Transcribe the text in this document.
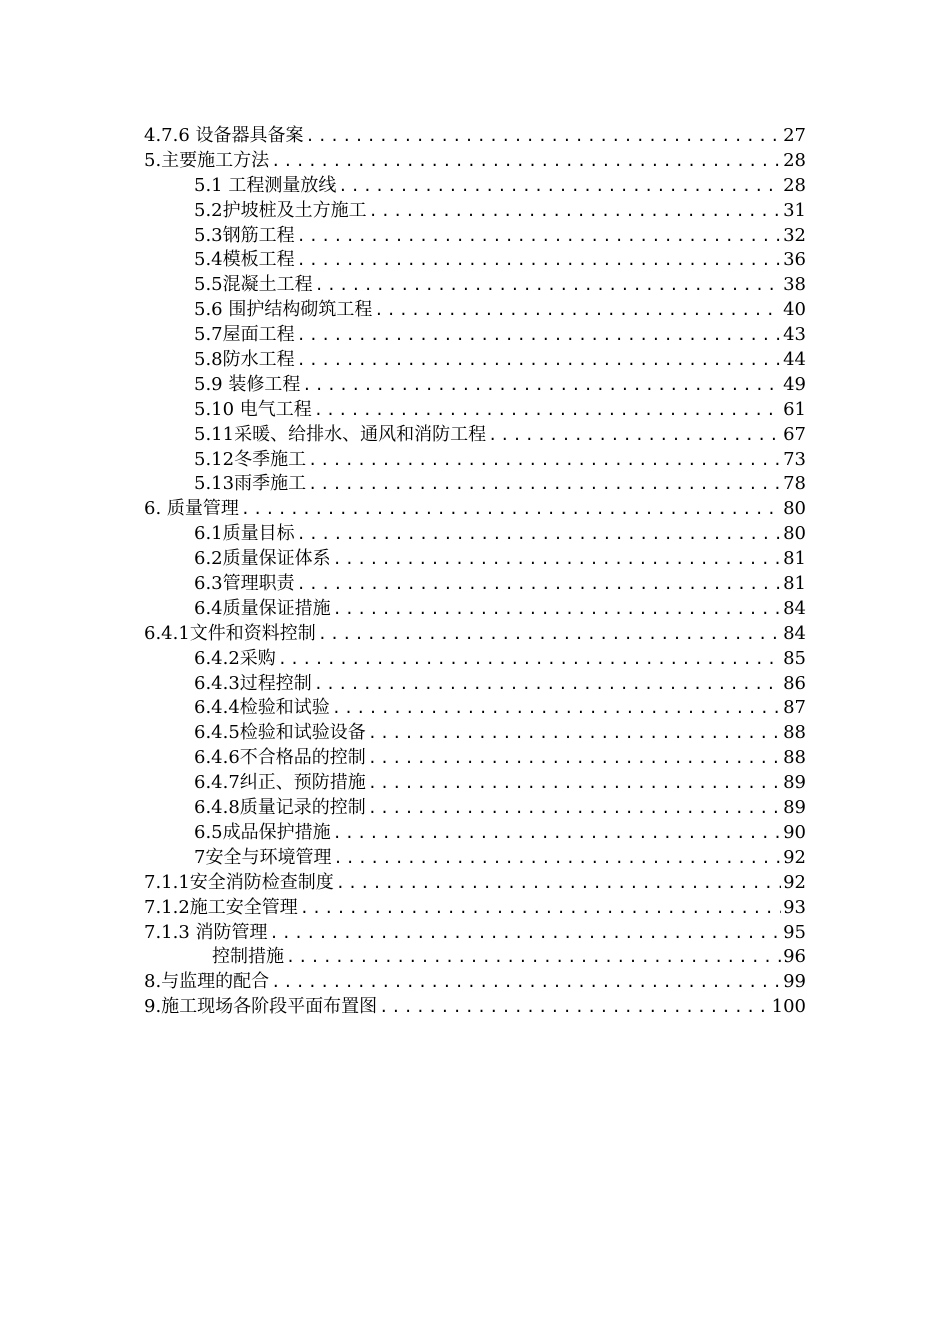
4.7.6 设备器具备案 .....	27
5.主要施工方法 .....	28
5.1 工程测量放线 .....	28
5.2护坡桩及土方施工 .....	31
5.3钢筋工程 .....	32
5.4模板工程 .....	36
5.5混凝土工程 .....	38
5.6 围护结构砌筑工程 .....	40
5.7屋面工程 .....	43
5.8防水工程 .....	44
5.9 装修工程 .....	49
5.10 电气工程 .....	61
5.11采暖、给排水、通风和消防工程 .....	67
5.12冬季施工 .....	73
5.13雨季施工 .....	78
6. 质量管理 .....	80
6.1质量目标 .....	80
6.2质量保证体系 .....	81
6.3管理职责 .....	81
6.4质量保证措施 .....	84
6.4.1文件和资料控制 .....	84
6.4.2采购 .....	85
6.4.3过程控制 .....	86
6.4.4检验和试验 .....	87
6.4.5检验和试验设备 .....	88
6.4.6不合格品的控制 .....	88
6.4.7纠正、预防措施 .....	89
6.4.8质量记录的控制 .....	89
6.5成品保护措施 .....	90
7安全与环境管理 .....	92
7.1.1安全消防检查制度 .....	92
7.1.2施工安全管理 .....	93
7.1.3 消防管理 .....	95
控制措施 .....	96
8.与监理的配合 .....	99
9.施工现场各阶段平面布置图 .....	100
